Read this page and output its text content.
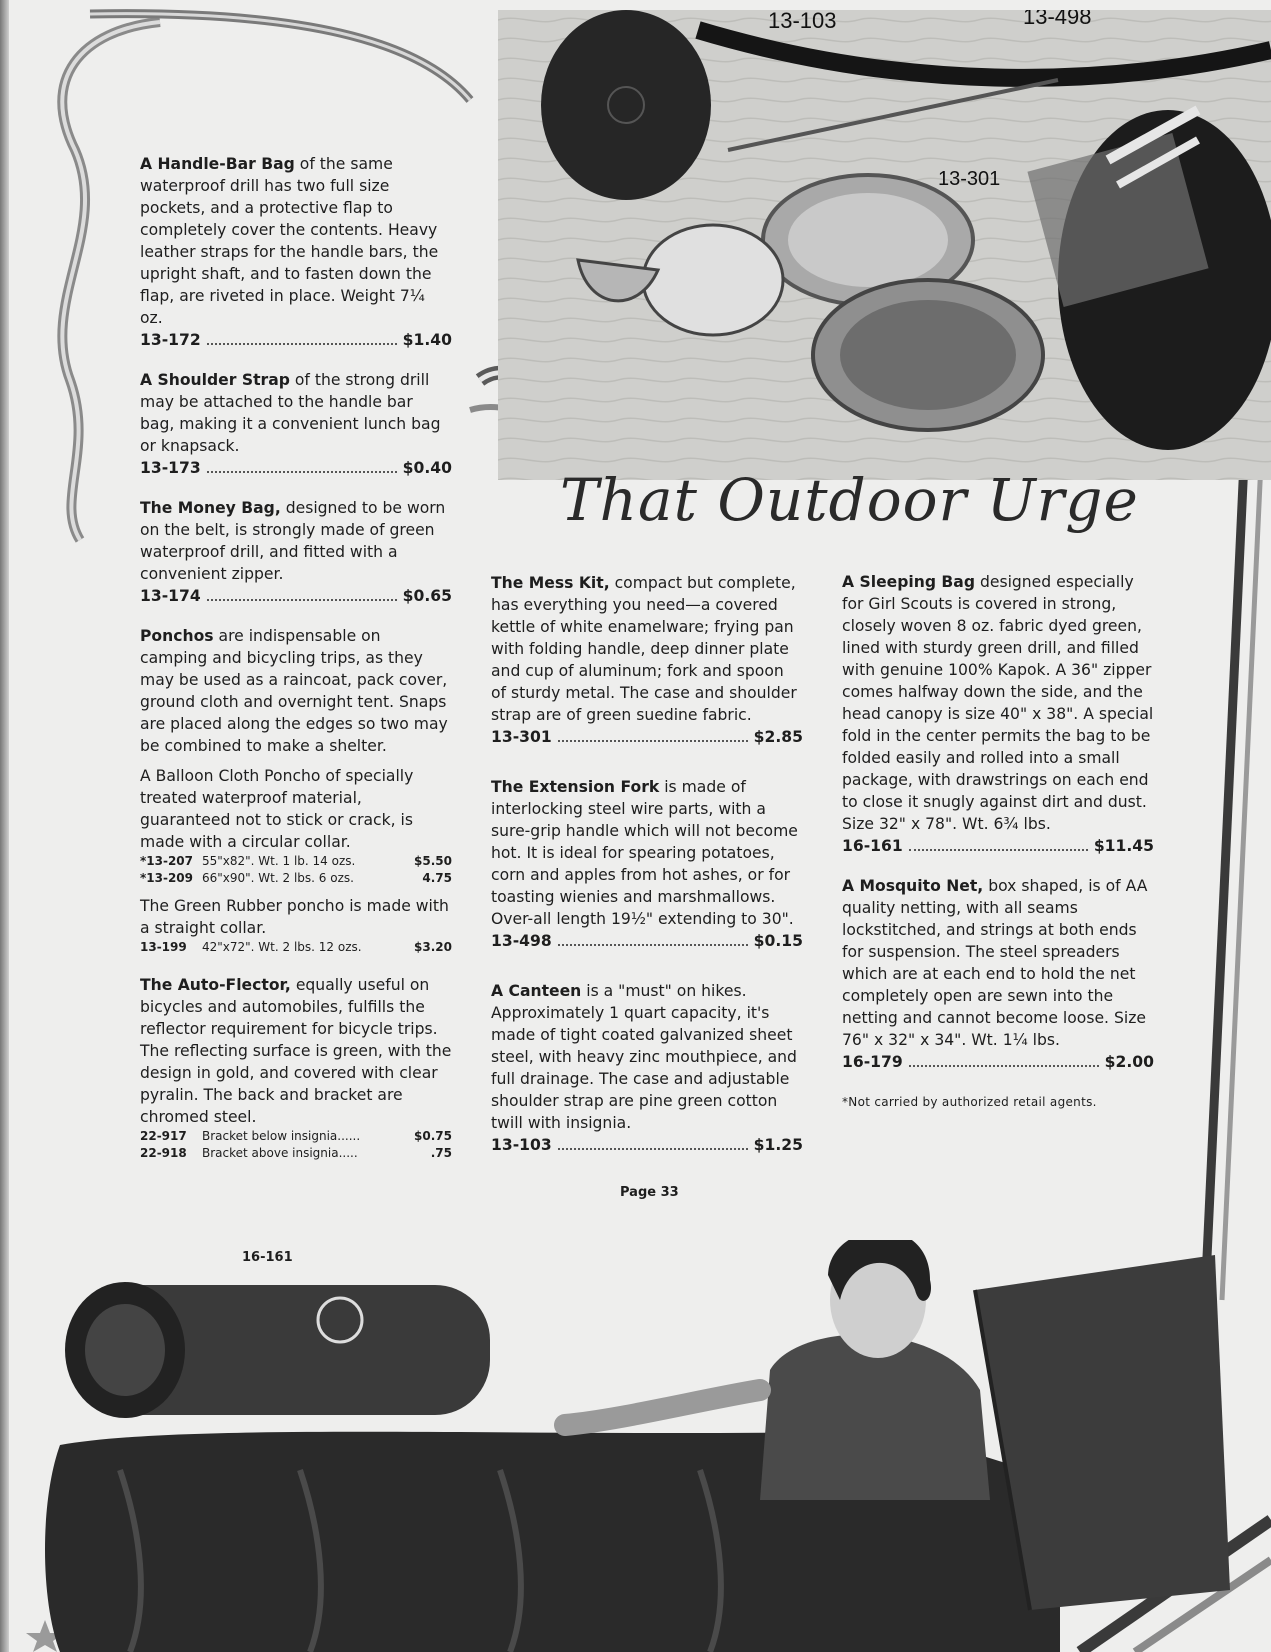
13-103	13-498
13-301
That Outdoor Urge

A Handle-Bar Bag of the same waterproof drill has two full size pockets, and a protective flap to completely cover the contents. Heavy leather straps for the handle bars, the upright shaft, and to fasten down the flap, are riveted in place. Weight 7¼ oz.

13-172	$1.40

A Shoulder Strap of the strong drill may be attached to the handle bar bag, making it a convenient lunch bag or knapsack.

13-173	$0.40

The Money Bag, designed to be worn on the belt, is strongly made of green waterproof drill, and fitted with a convenient zipper.

13-174	$0.65

Ponchos are indispensable on camping and bicycling trips, as they may be used as a raincoat, pack cover, ground cloth and overnight tent. Snaps are placed along the edges so two may be combined to make a shelter.

A Balloon Cloth Poncho of specially treated waterproof material, guaranteed not to stick or crack, is made with a circular collar.

*13-207 55"x82". Wt. 1 lb. 14 ozs.	$5.50
*13-209 66"x90". Wt. 2 lbs. 6 ozs.	4.75

The Green Rubber poncho is made with a straight collar.

13-199	42"x72". Wt. 2 lbs. 12 ozs.	$3.20

The Auto-Flector, equally useful on bicycles and automobiles, fulfills the reflector requirement for bicycle trips. The reflecting surface is green, with the design in gold, and covered with clear pyralin. The back and bracket are chromed steel.

22-917	Bracket below insignia......	$0.75
22-918	Bracket above insignia.....	.75

The Mess Kit, compact but complete, has everything you need—a covered kettle of white enamelware; frying pan with folding handle, deep dinner plate and cup of aluminum; fork and spoon of sturdy metal. The case and shoulder strap are of green suedine fabric.

13-301	$2.85

The Extension Fork is made of interlocking steel wire parts, with a sure-grip handle which will not become hot. It is ideal for spearing potatoes, corn and apples from hot ashes, or for toasting wienies and marshmallows. Over-all length 19½" extending to 30".

13-498	$0.15

A Canteen is a "must" on hikes. Approximately 1 quart capacity, it's made of tight coated galvanized sheet steel, with heavy zinc mouthpiece, and full drainage. The case and adjustable shoulder strap are pine green cotton twill with insignia.

13-103	$1.25

A Sleeping Bag designed especially for Girl Scouts is covered in strong, closely woven 8 oz. fabric dyed green, lined with sturdy green drill, and filled with genuine 100% Kapok. A 36" zipper comes halfway down the side, and the head canopy is size 40" x 38". A special fold in the center permits the bag to be folded easily and rolled into a small package, with drawstrings on each end to close it snugly against dirt and dust. Size 32" x 78". Wt. 6¾ lbs.

16-161	$11.45

A Mosquito Net, box shaped, is of AA quality netting, with all seams lockstitched, and strings at both ends for suspension. The steel spreaders which are at each end to hold the net completely open are sewn into the netting and cannot become loose. Size 76" x 32" x 34". Wt. 1¼ lbs.

16-179	$2.00

*Not carried by authorized retail agents.

Page 33
16-161
